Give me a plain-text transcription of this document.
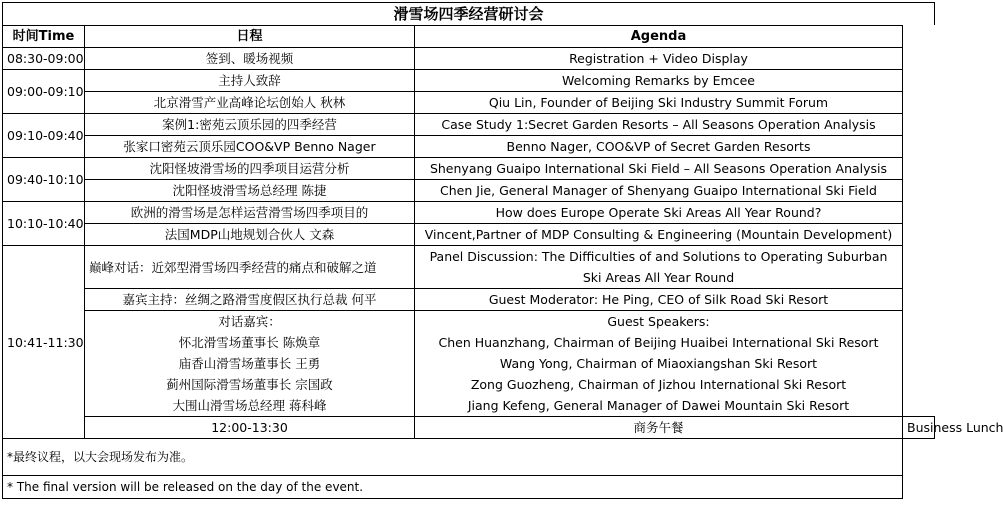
滑雪场四季经营研讨会
时间Time	日程	Agenda	
08:30-09:00	签到、暖场视频	Registration + Video Display	
09:00-09:10	主持人致辞	Welcoming Remarks by Emcee	
	北京滑雪产业高峰论坛创始人 秋林	Qiu Lin, Founder of Beijing Ski Industry Summit Forum	
09:10-09:40	案例1:密苑云顶乐园的四季经营	Case Study 1:Secret Garden Resorts – All Seasons Operation Analysis	
	张家口密苑云顶乐园COO&VP Benno Nager	Benno Nager, COO&VP of Secret Garden Resorts	
09:40-10:10	沈阳怪坡滑雪场的四季项目运营分析	Shenyang Guaipo International Ski Field – All Seasons Operation Analysis	
	沈阳怪坡滑雪场总经理 陈捷	Chen Jie, General Manager of Shenyang Guaipo International Ski Field	
10:10-10:40	欧洲的滑雪场是怎样运营滑雪场四季项目的	How does Europe Operate Ski Areas All Year Round?	
	法国MDP山地规划合伙人 文森	Vincent,Partner of MDP Consulting & Engineering (Mountain Development)	
10:41-11:30	巅峰对话：近郊型滑雪场四季经营的痛点和破解之道	Panel Discussion: The Difficulties of and Solutions to Operating Suburban Ski Areas All Year Round	
	嘉宾主持：丝绸之路滑雪度假区执行总裁 何平	Guest Moderator: He Ping, CEO of Silk Road Ski Resort	
	对话嘉宾：	Guest Speakers:	
	怀北滑雪场董事长 陈焕章	Chen Huanzhang, Chairman of Beijing Huaibei International Ski Resort	
	庙香山滑雪场董事长 王勇	Wang Yong, Chairman of Miaoxiangshan Ski Resort	
	蓟州国际滑雪场董事长 宗国政	Zong Guozheng, Chairman of Jizhou International Ski Resort	
	大围山滑雪场总经理 蒋科峰	Jiang Kefeng, General Manager of Dawei Mountain Ski Resort	
	12:00-13:30	商务午餐	Business Lunch
*最终议程，以大会现场发布为准。			
* The final version will be released on the day of the event.			
